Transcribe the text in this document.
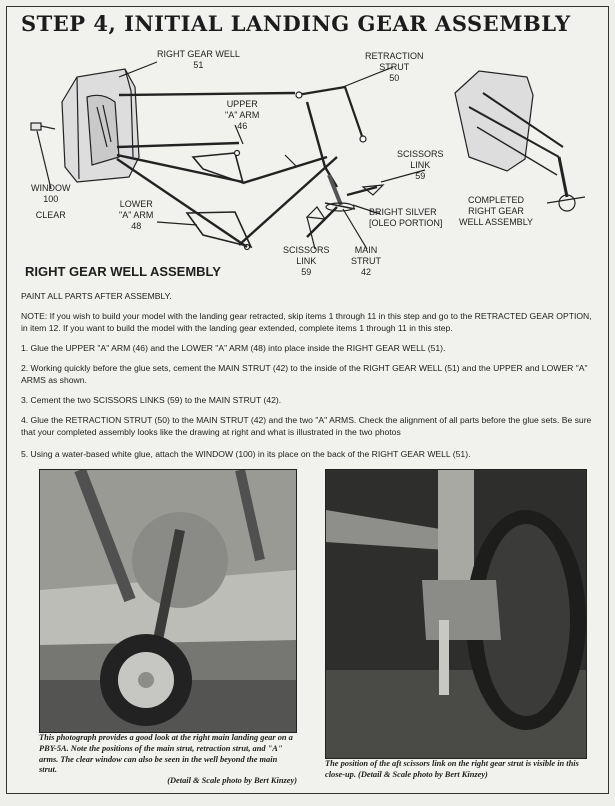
STEP 4, INITIAL LANDING GEAR ASSEMBLY
RIGHT GEAR WELL
51
RETRACTION
STRUT
50
UPPER
"A" ARM
46
SCISSORS
LINK
59
WINDOW
100
CLEAR
LOWER
"A" ARM
48
BRIGHT SILVER
[OLEO PORTION]
SCISSORS
LINK
59
MAIN
STRUT
42
COMPLETED
RIGHT GEAR
WELL ASSEMBLY
RIGHT GEAR WELL ASSEMBLY
PAINT ALL PARTS AFTER ASSEMBLY.
NOTE: If you wish to build your model with the landing gear retracted, skip items 1 through 11 in this step and go to the RETRACTED GEAR OPTION, in item 12. If you want to build the model with the landing gear extended, complete items 1 through 11 in this step.
1. Glue the UPPER "A" ARM (46) and the LOWER "A" ARM (48) into place inside the RIGHT GEAR WELL (51).
2. Working quickly before the glue sets, cement the MAIN STRUT (42) to the inside of the RIGHT GEAR WELL (51) and the UPPER and LOWER "A" ARMS as shown.
3. Cement the two SCISSORS LINKS (59) to the MAIN STRUT (42).
4. Glue the RETRACTION STRUT (50) to the MAIN STRUT (42) and the two "A" ARMS. Check the alignment of all parts before the glue sets. Be sure that your completed assembly looks like the drawing at right and what is illustrated in the two photos
5. Using a water-based white glue, attach the WINDOW (100) in its place on the back of the RIGHT GEAR WELL (51).
This photograph provides a good look at the right main landing gear on a PBY-5A. Note the positions of the main strut, retraction strut, and "A" arms. The clear window can also be seen in the well beyond the main strut.
(Detail & Scale photo by Bert Kinzey)
The position of the aft scissors link on the right gear strut is visible in this close-up. (Detail & Scale photo by Bert Kinzey)
